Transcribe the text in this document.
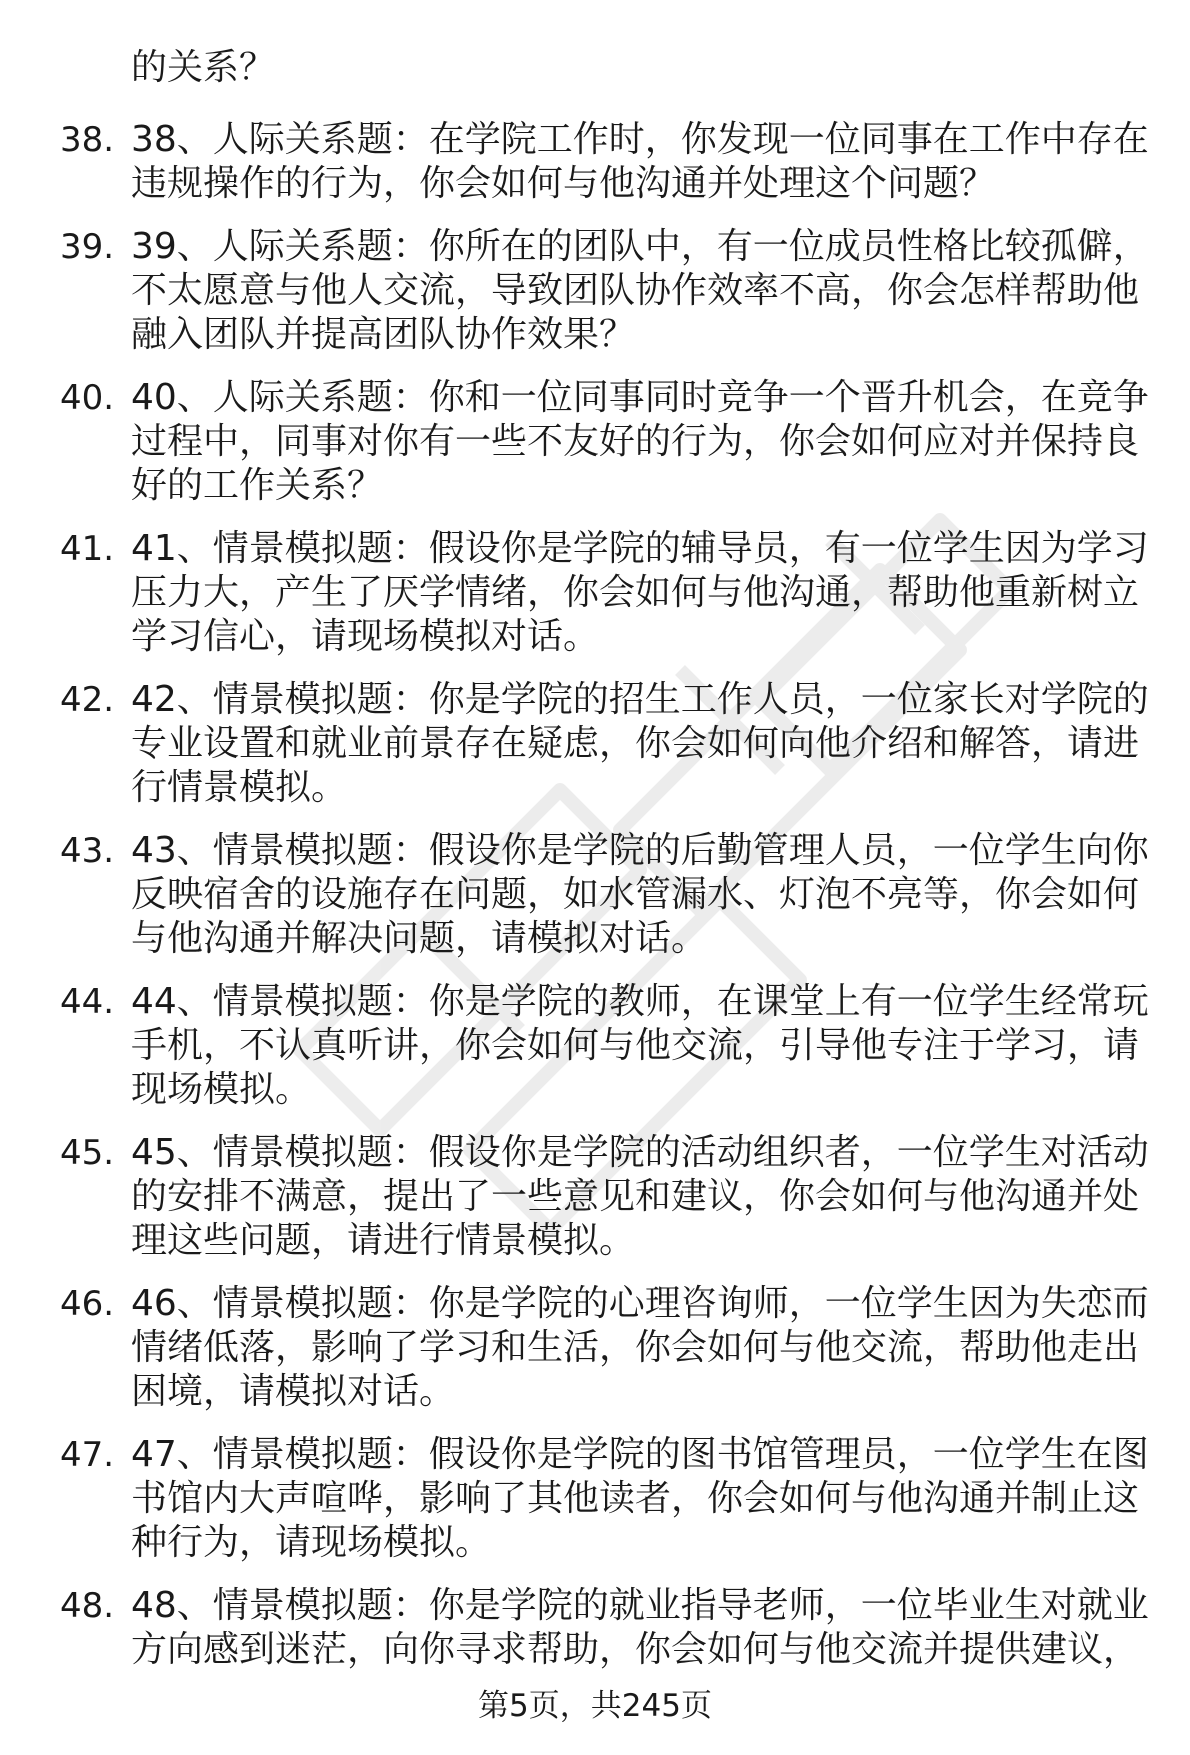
的关系？
38. 38、人际关系题：在学院工作时，你发现一位同事在工作中存在
违规操作的行为，你会如何与他沟通并处理这个问题？
39. 39、人际关系题：你所在的团队中，有一位成员性格比较孤僻，
不太愿意与他人交流，导致团队协作效率不高，你会怎样帮助他
融入团队并提高团队协作效果？
40. 40、人际关系题：你和一位同事同时竞争一个晋升机会，在竞争
过程中，同事对你有一些不友好的行为，你会如何应对并保持良
好的工作关系？
41. 41、情景模拟题：假设你是学院的辅导员，有一位学生因为学习
压力大，产生了厌学情绪，你会如何与他沟通，帮助他重新树立
学习信心，请现场模拟对话。
42. 42、情景模拟题：你是学院的招生工作人员，一位家长对学院的
专业设置和就业前景存在疑虑，你会如何向他介绍和解答，请进
行情景模拟。
43. 43、情景模拟题：假设你是学院的后勤管理人员，一位学生向你
反映宿舍的设施存在问题，如水管漏水、灯泡不亮等，你会如何
与他沟通并解决问题，请模拟对话。
44. 44、情景模拟题：你是学院的教师，在课堂上有一位学生经常玩
手机，不认真听讲，你会如何与他交流，引导他专注于学习，请
现场模拟。
45. 45、情景模拟题：假设你是学院的活动组织者，一位学生对活动
的安排不满意，提出了一些意见和建议，你会如何与他沟通并处
理这些问题，请进行情景模拟。
46. 46、情景模拟题：你是学院的心理咨询师，一位学生因为失恋而
情绪低落，影响了学习和生活，你会如何与他交流，帮助他走出
困境，请模拟对话。
47. 47、情景模拟题：假设你是学院的图书馆管理员，一位学生在图
书馆内大声喧哗，影响了其他读者，你会如何与他沟通并制止这
种行为，请现场模拟。
48. 48、情景模拟题：你是学院的就业指导老师，一位毕业生对就业
方向感到迷茫，向你寻求帮助，你会如何与他交流并提供建议，
第5页，共245页
